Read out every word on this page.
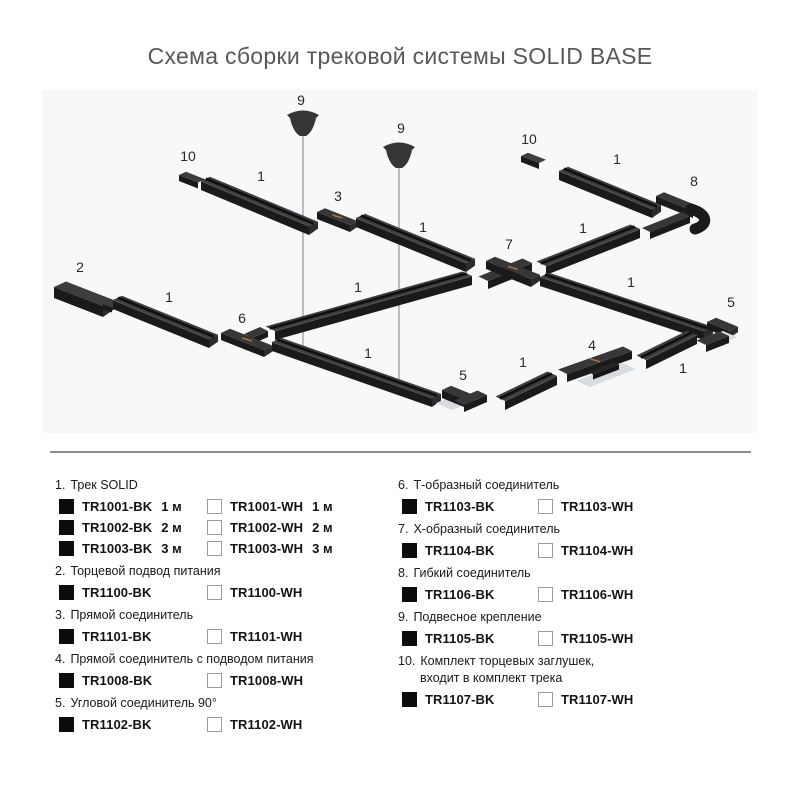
Схема сборки трековой системы SOLID BASE
9
9
10
1
3
1
7
10
1
8
1
2
1
6
1	1
5
1
4
1
5
1
1. Трек SOLID
TR1001-BK 1 м	TR1001-WH 1 м
TR1002-BK 2 м	TR1002-WH 2 м
TR1003-BK 3 м	TR1003-WH 3 м
2. Торцевой подвод питания
TR1100-BK	TR1100-WH
3. Прямой соединитель
TR1101-BK	TR1101-WH
4. Прямой соединитель с подводом питания
TR1008-BK	TR1008-WH
5. Угловой соединитель 90°
TR1102-BK	TR1102-WH
6. Т-образный соединитель
TR1103-BK	TR1103-WH
7. Х-образный соединитель
TR1104-BK	TR1104-WH
8. Гибкий соединитель
TR1106-BK	TR1106-WH
9. Подвесное крепление
TR1105-BK	TR1105-WH
10. Комплект торцевых заглушек,
входит в комплект трека
TR1107-BK	TR1107-WH
